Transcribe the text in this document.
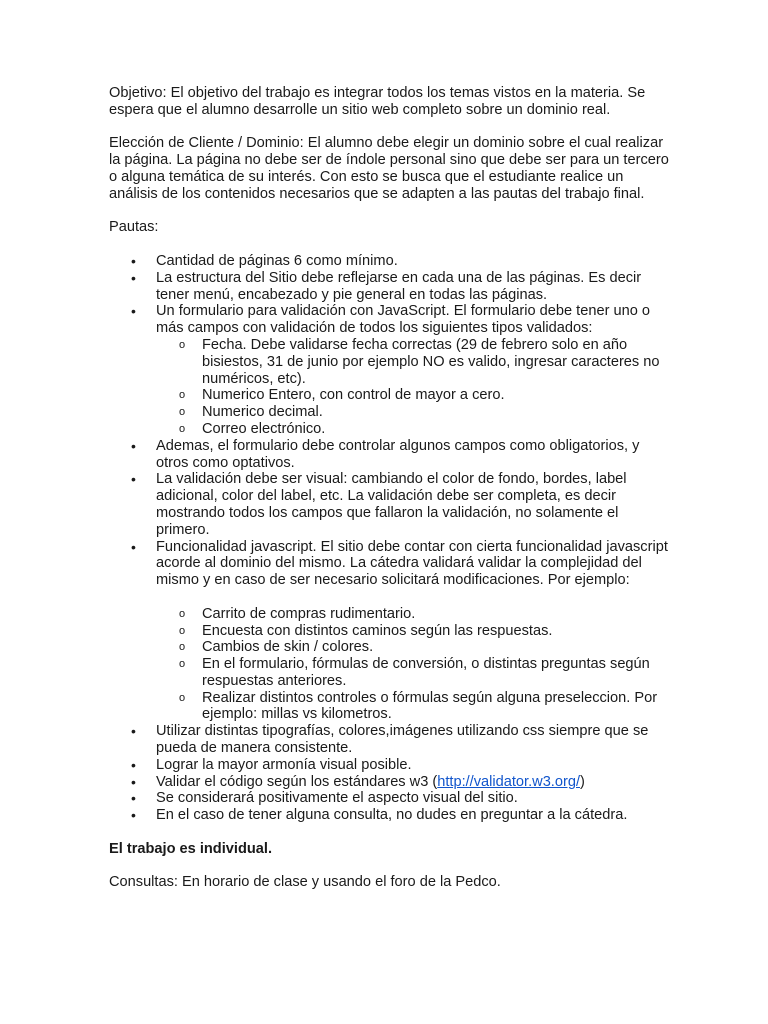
Objetivo: El objetivo del trabajo es integrar todos los temas vistos en la materia. Se espera que el alumno desarrolle un sitio web completo sobre un dominio real.

Elección de Cliente / Dominio: El alumno debe elegir un dominio sobre el cual realizar la página. La página no debe ser de índole personal sino que debe ser para un tercero o alguna temática de su interés. Con esto se busca que el estudiante realice un análisis de los contenidos necesarios que se adapten a las pautas del trabajo final.

Pautas:

• Cantidad de páginas 6 como mínimo.
• La estructura del Sitio debe reflejarse en cada una de las páginas. Es decir tener menú, encabezado y pie general en todas las páginas.
• Un formulario para validación con JavaScript. El formulario debe tener uno o más campos con validación de todos los siguientes tipos validados:
o Fecha. Debe validarse fecha correctas (29 de febrero solo en año bisiestos, 31 de junio por ejemplo NO es valido, ingresar caracteres no numéricos, etc).
o Numerico Entero, con control de mayor a cero.
o Numerico decimal.
o Correo electrónico.
• Ademas, el formulario debe controlar algunos campos como obligatorios, y otros como optativos.
• La validación debe ser visual: cambiando el color de fondo, bordes, label adicional, color del label, etc. La validación debe ser completa, es decir mostrando todos los campos que fallaron la validación, no solamente el primero.
• Funcionalidad javascript. El sitio debe contar con cierta funcionalidad javascript acorde al dominio del mismo. La cátedra validará validar la complejidad del mismo y en caso de ser necesario solicitará modificaciones. Por ejemplo:
o Carrito de compras rudimentario.
o Encuesta con distintos caminos según las respuestas.
o Cambios de skin / colores.
o En el formulario, fórmulas de conversión, o distintas preguntas según respuestas anteriores.
o Realizar distintos controles o fórmulas según alguna preseleccion. Por ejemplo: millas vs kilometros.
• Utilizar distintas tipografías, colores,imágenes utilizando css siempre que se pueda de manera consistente.
• Lograr la mayor armonía visual posible.
• Validar el código según los estándares w3 (http://validator.w3.org/)
• Se considerará positivamente el aspecto visual del sitio.
• En el caso de tener alguna consulta, no dudes en preguntar a la cátedra.

El trabajo es individual.

Consultas: En horario de clase y usando el foro de la Pedco.
